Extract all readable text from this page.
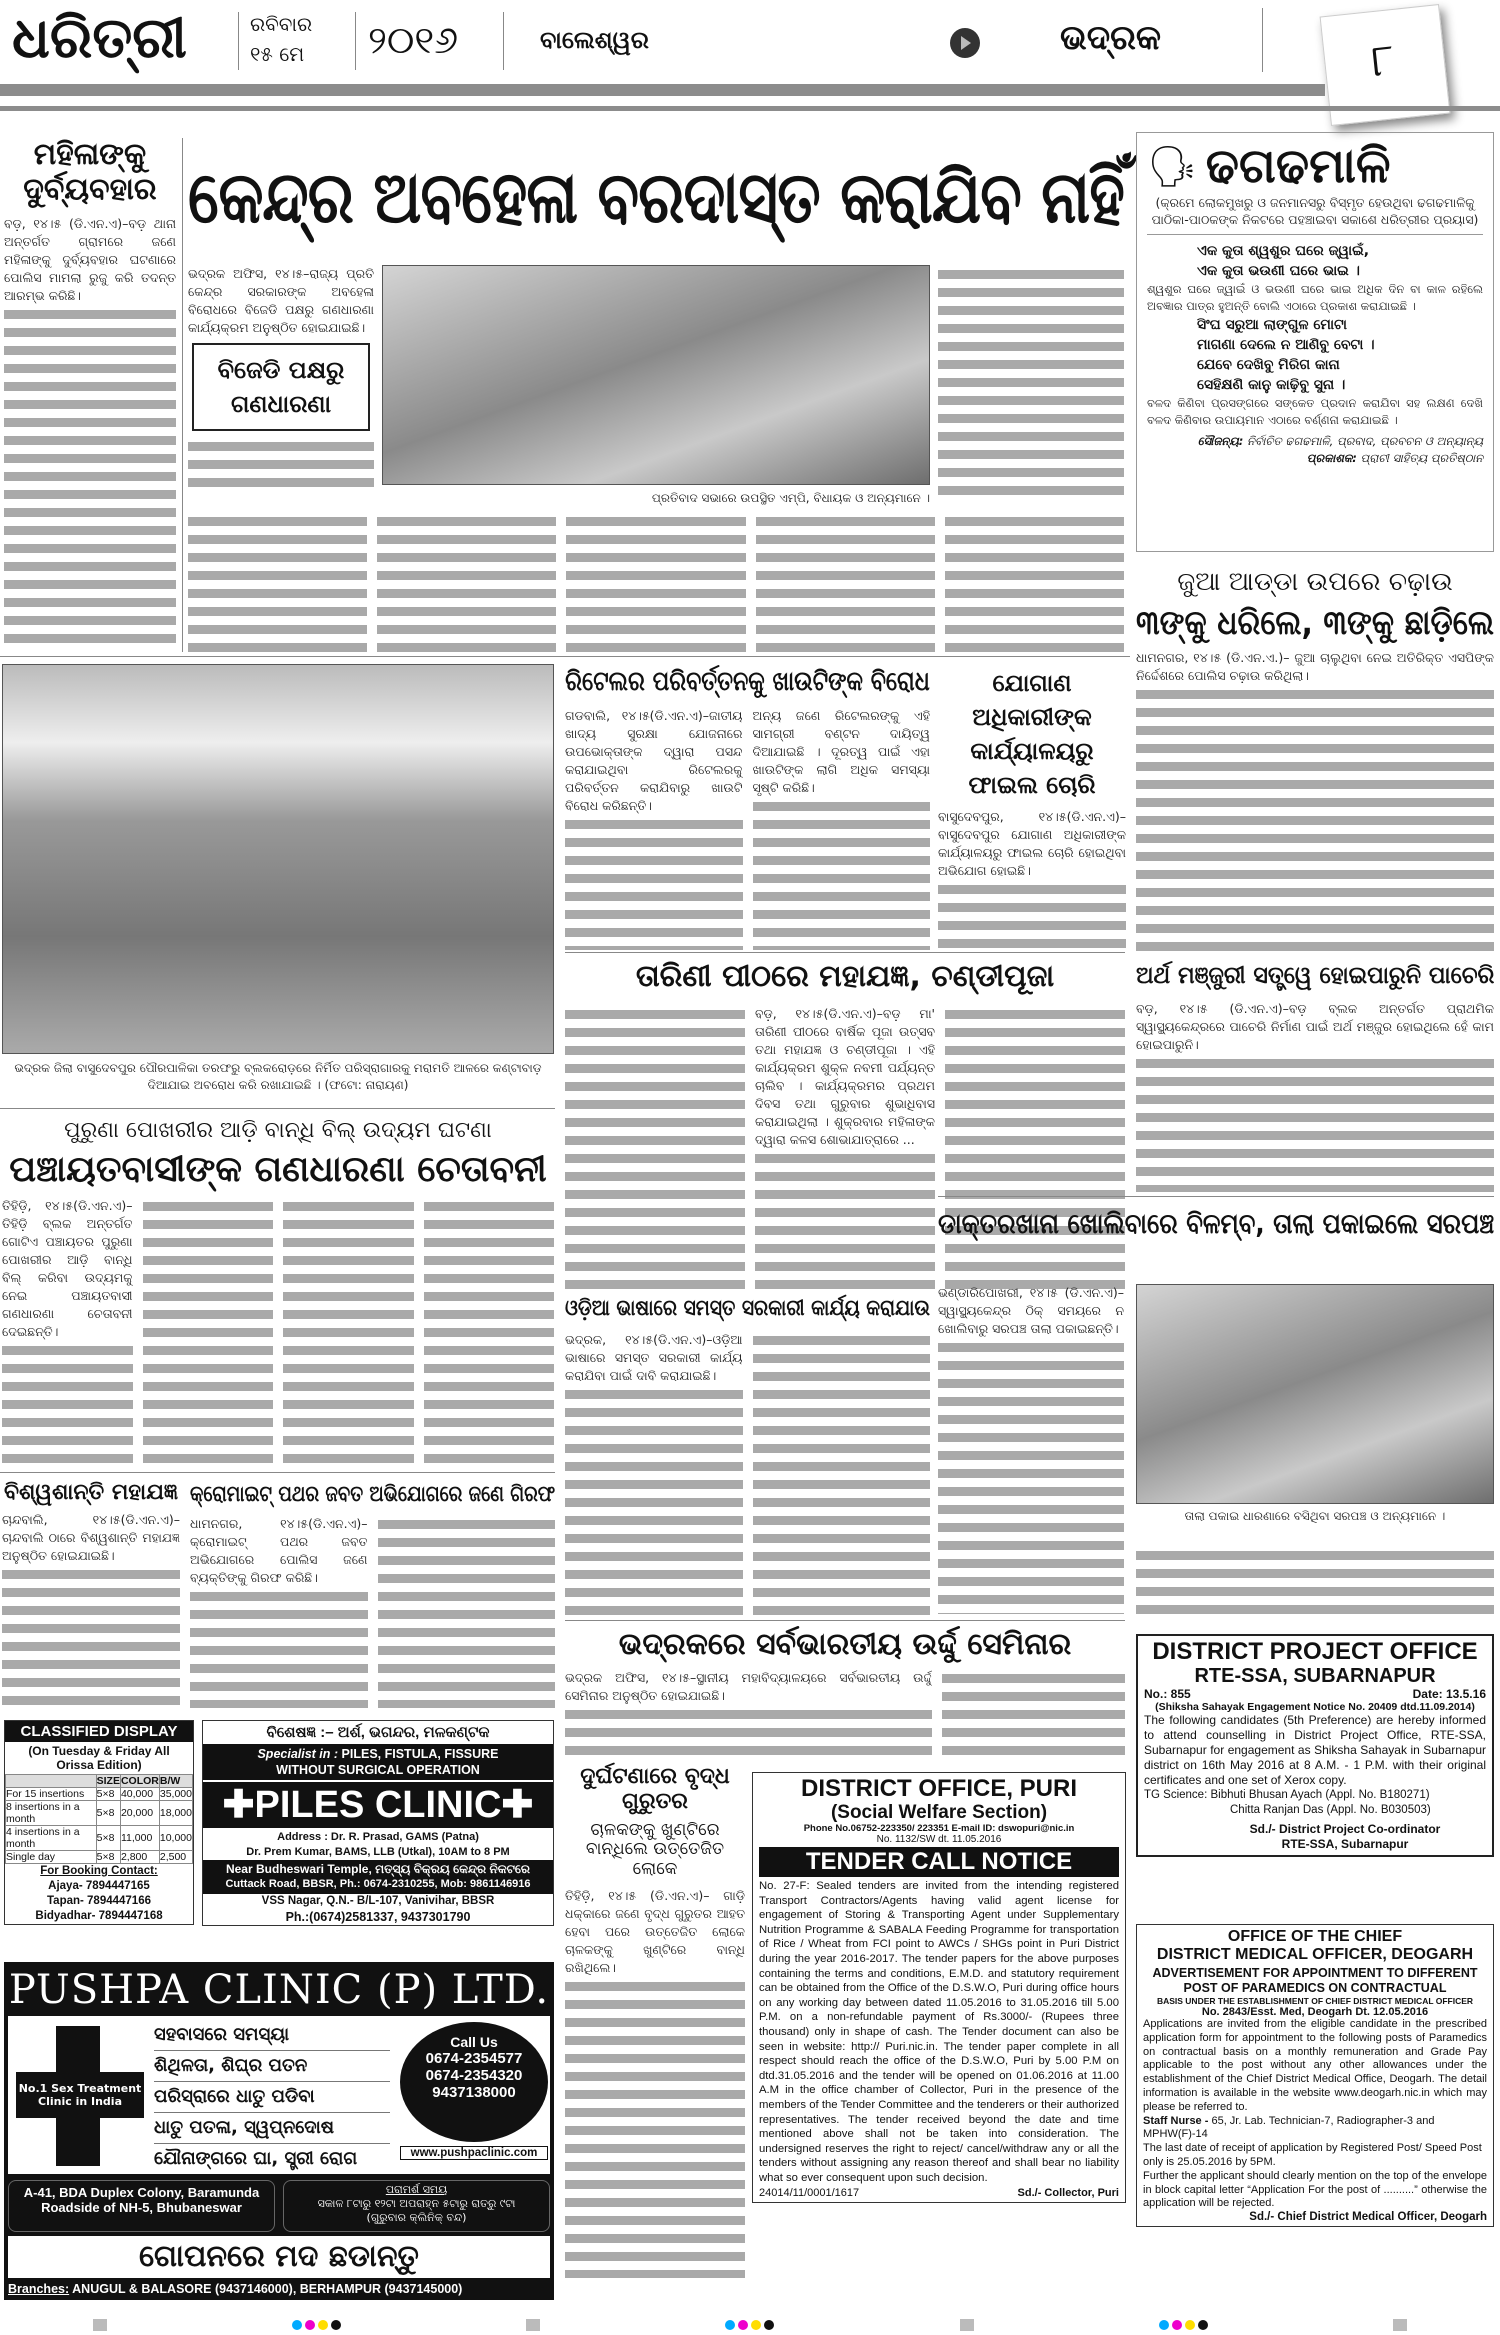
ଧରିତ୍ରୀ	ରବିବାର
୧୫ ମେ	୨୦୧୬	ବାଲେଶ୍ୱର	ଭଦ୍ରକ	୮
ମହିଳାଙ୍କୁ ଦୁର୍ବ୍ୟବହାର
ବଡ଼, ୧୪।୫ (ଡି.ଏନ.ଏ)–ବଡ଼ ଥାନା ଅନ୍ତର୍ଗତ ଗ୍ରାମରେ ଜଣେ ମହିଳାଙ୍କୁ ଦୁର୍ବ୍ୟବହାର ଘଟଣାରେ ପୋଲିସ ମାମଲା ରୁଜୁ କରି ତଦନ୍ତ ଆରମ୍ଭ କରିଛି।
କେନ୍ଦ୍ର ଅବହେଳା ବରଦାସ୍ତ କରାଯିବ ନାହିଁ
ଭଦ୍ରକ ଅଫିସ, ୧୪।୫–ରାଜ୍ୟ ପ୍ରତି କେନ୍ଦ୍ର ସରକାରଙ୍କ ଅବହେଳା ବିରୋଧରେ ବିଜେଡି ପକ୍ଷରୁ ଗଣଧାରଣା କାର୍ଯ୍ୟକ୍ରମ ଅନୁଷ୍ଠିତ ହୋଇଯାଇଛି।
ବିଜେଡି ପକ୍ଷରୁ ଗଣଧାରଣା
ପ୍ରତିବାଦ ସଭାରେ ଉପସ୍ଥିତ ଏମ୍‌ପି, ବିଧାୟକ ଓ ଅନ୍ୟମାନେ ।
🗣 ଢଗଢମାଳି
(କ୍ରମେ ଲୋକମୁଖରୁ ଓ ଜନମାନସରୁ ବିସ୍ମୃତ ହେଉଥିବା ଢଗଢମାଳିକୁ ପାଠିକା-ପାଠକଙ୍କ ନିକଟରେ ପହଞ୍ଚାଇବା ସକାଶେ ଧରିତ୍ରୀର ପ୍ରୟାସ)
ଏକ କୁତା ଶ୍ୱଶୁର ଘରେ ଜ୍ୱାଇଁ,
ଏକ କୁତା ଭଉଣୀ ଘରେ ଭାଇ ।
ଶ୍ୱଶୁର ଘରେ ଜ୍ୱାଇଁ ଓ ଭଉଣୀ ଘରେ ଭାଇ ଅଧିକ ଦିନ ବା କାଳ ରହିଲେ ଅବଜ୍ଞାର ପାତ୍ର ହୁଅନ୍ତି ବୋଲି ଏଠାରେ ପ୍ରକାଶ କରାଯାଇଛି ।
ସିଂଘ ସରୁଆ ଲାଙ୍ଗୁଳ ମୋଟା
ମାଗଣା ଦେଲେ ନ ଆଣିବୁ ବେଟା ।
ଯେବେ ଦେଖିବୁ ମିରିଗ କାନା
ସେହିକ୍ଷଣି କାନୁ କାଢ଼ିବୁ ସୁନା ।
ବଳଦ କିଣିବା ପ୍ରସଙ୍ଗରେ ସଙ୍କେତ ପ୍ରଦାନ କରାଯିବା ସହ ଲକ୍ଷଣ ଦେଖି ବଳଦ କିଣିବାର ଉପାୟମାନ ଏଠାରେ ବର୍ଣ୍ଣନା କରାଯାଇଛି ।
ସୌଜନ୍ୟ: ନିର୍ବାଚିତ ଢଗଢମାଳି, ପ୍ରବାଦ, ପ୍ରବଚନ ଓ ଅନ୍ୟାନ୍ୟ
ପ୍ରକାଶକ: ପ୍ରାଚୀ ସାହିତ୍ୟ ପ୍ରତିଷ୍ଠାନ
ଜୁଆ ଆଡ୍ଡା ଉପରେ ଚଢ଼ାଉ
୩ଙ୍କୁ ଧରିଲେ, ୩ଙ୍କୁ ଛାଡ଼ିଲେ
ଧାମନଗର, ୧୪।୫ (ଡି.ଏନ.ଏ.)– ଜୁଆ ଚାଲୁଥିବା ନେଇ ଅତିରିକ୍ତ ଏସପିଙ୍କ ନିର୍ଦ୍ଦେଶରେ ପୋଲିସ ଚଢ଼ାଉ କରିଥିଲା।
ଭଦ୍ରକ ଜିଲା ବାସୁଦେବପୁର ପୌରପାଳିକା ତରଫରୁ ବ୍ଲକରୋଡ଼ରେ ନିର୍ମିତ ପରିସ୍ରାଗାରକୁ ମରାମତି ଆଳରେ କଣ୍ଟାବାଡ଼ ଦିଆଯାଇ ଅବରୋଧ କରି ରଖାଯାଇଛି । (ଫଟୋ: ନାରାୟଣ)
ରିଟେଲର ପରିବର୍ତ୍ତନକୁ ଖାଉଟିଙ୍କ ବିରୋଧ
ଗଡବାଲି, ୧୪।୫(ଡି.ଏନ.ଏ)–ଜାତୀୟ ଖାଦ୍ୟ ସୁରକ୍ଷା ଯୋଜନାରେ ଉପଭୋକ୍ତାଙ୍କ ଦ୍ୱାରା ପସନ୍ଦ କରାଯାଇଥିବା ରିଟେଲରକୁ ପରିବର୍ତ୍ତନ କରାଯିବାରୁ ଖାଉଟି ବିରୋଧ କରିଛନ୍ତି।
ଅନ୍ୟ ଜଣେ ରିଟେଲରଙ୍କୁ ଏହି ସାମଗ୍ରୀ ବଣ୍ଟନ ଦାୟିତ୍ୱ ଦିଆଯାଇଛି । ଦୂରତ୍ୱ ପାଇଁ ଏହା ଖାଉଟିଙ୍କ ଲାଗି ଅଧିକ ସମସ୍ୟା ସୃଷ୍ଟି କରିଛି।
ଯୋଗାଣ ଅଧିକାରୀଙ୍କ କାର୍ଯ୍ୟାଳୟରୁ ଫାଇଲ ଚୋରି
ବାସୁଦେବପୁର, ୧୪।୫(ଡି.ଏନ.ଏ)– ବାସୁଦେବପୁର ଯୋଗାଣ ଅଧିକାରୀଙ୍କ କାର୍ଯ୍ୟାଳୟରୁ ଫାଇଲ ଚୋରି ହୋଇଥିବା ଅଭିଯୋଗ ହୋଇଛି।
ତାରିଣୀ ପୀଠରେ ମହାଯଜ୍ଞ, ଚଣ୍ଡୀପୂଜା
ବଡ଼, ୧୪।୫(ଡି.ଏନ.ଏ)–ବଡ଼ ମା' ତାରିଣୀ ପୀଠରେ ବାର୍ଷିକ ପୂଜା ଉତ୍ସବ ତଥା ମହାଯଜ୍ଞ ଓ ଚଣ୍ଡୀପୂଜା । ଏହି କାର୍ଯ୍ୟକ୍ରମ ଶୁକ୍ଳ ନବମୀ ପର୍ଯ୍ୟନ୍ତ ଚାଲିବ । କାର୍ଯ୍ୟକ୍ରମର ପ୍ରଥମ ଦିବସ ତଥା ଗୁରୁବାର ଶୁଭାଧିବାସ କରାଯାଇଥିଲା । ଶୁକ୍ରବାର ମହିଳାଙ୍କ ଦ୍ୱାରା କଳସ ଶୋଭାଯାତ୍ରାରେ ...
ଅର୍ଥ ମଞ୍ଜୁରୀ ସତ୍ତ୍ୱେ ହୋଇପାରୁନି ପାଚେରି
ବଡ଼, ୧୪।୫ (ଡି.ଏନ.ଏ)–ବଡ଼ ବ୍ଲକ ଅନ୍ତର୍ଗତ ପ୍ରାଥମିକ ସ୍ୱାସ୍ଥ୍ୟକେନ୍ଦ୍ରରେ ପାଚେରି ନିର୍ମାଣ ପାଇଁ ଅର୍ଥ ମଞ୍ଜୁର ହୋଇଥିଲେ ହେଁ କାମ ହୋଇପାରୁନି।
ପୁରୁଣା ପୋଖରୀର ଆଡ଼ି ବାନ୍ଧି ବିଲ୍ ଉଦ୍ୟମ ଘଟଣା
ପଞ୍ଚାୟତବାସୀଙ୍କ ଗଣଧାରଣା ଚେତାବନୀ
ତିହିଡ଼ି, ୧୪।୫(ଡି.ଏନ.ଏ)– ତିହିଡ଼ି ବ୍ଲକ ଅନ୍ତର୍ଗତ ଗୋଟିଏ ପଞ୍ଚାୟତର ପୁରୁଣା ପୋଖରୀର ଆଡ଼ି ବାନ୍ଧି ବିଲ୍ କରିବା ଉଦ୍ୟମକୁ ନେଇ ପଞ୍ଚାୟତବାସୀ ଗଣଧାରଣା ଚେତାବନୀ ଦେଇଛନ୍ତି।
ଡାକ୍ତରଖାନା ଖୋଲିବାରେ ବିଳମ୍ବ, ତାଲା ପକାଇଲେ ସରପଞ୍ଚ
ଭଣ୍ଡାରିପୋଖରୀ, ୧୪।୫ (ଡି.ଏନ.ଏ)– ସ୍ୱାସ୍ଥ୍ୟକେନ୍ଦ୍ର ଠିକ୍ ସମୟରେ ନ ଖୋଲିବାରୁ ସରପଞ୍ଚ ତାଲା ପକାଇଛନ୍ତି।
ତାଲା ପକାଇ ଧାରଣାରେ ବସିଥିବା ସରପଞ୍ଚ ଓ ଅନ୍ୟମାନେ ।
ଓଡ଼ିଆ ଭାଷାରେ ସମସ୍ତ ସରକାରୀ କାର୍ଯ୍ୟ କରାଯାଉ
ଭଦ୍ରକ, ୧୪।୫(ଡି.ଏନ.ଏ)–ଓଡ଼ିଆ ଭାଷାରେ ସମସ୍ତ ସରକାରୀ କାର୍ଯ୍ୟ କରାଯିବା ପାଇଁ ଦାବି କରାଯାଇଛି।
ବିଶ୍ୱଶାନ୍ତି ମହାଯଜ୍ଞ
ଚାନ୍ଦବାଲି, ୧୪।୫(ଡି.ଏନ.ଏ)–ଚାନ୍ଦବାଲି ଠାରେ ବିଶ୍ୱଶାନ୍ତି ମହାଯଜ୍ଞ ଅନୁଷ୍ଠିତ ହୋଇଯାଇଛି।
କ୍ରୋମାଇଟ୍ ପଥର ଜବତ ଅଭିଯୋଗରେ ଜଣେ ଗିରଫ
ଧାମନଗର, ୧୪।୫(ଡି.ଏନ.ଏ)– କ୍ରୋମାଇଟ୍ ପଥର ଜବତ ଅଭିଯୋଗରେ ପୋଲିସ ଜଣେ ବ୍ୟକ୍ତିଙ୍କୁ ଗିରଫ କରିଛି।
ଭଦ୍ରକରେ ସର୍ବଭାରତୀୟ ଉର୍ଦ୍ଦୁ ସେମିନାର
ଭଦ୍ରକ ଅଫିସ, ୧୪।୫–ସ୍ଥାନୀୟ ମହାବିଦ୍ୟାଳୟରେ ସର୍ବଭାରତୀୟ ଉର୍ଦ୍ଦୁ ସେମିନାର ଅନୁଷ୍ଠିତ ହୋଇଯାଇଛି।
ଦୁର୍ଘଟଣାରେ ବୃଦ୍ଧ ଗୁରୁତର
ଚାଳକଙ୍କୁ ଖୁଣ୍ଟିରେ ବାନ୍ଧିଲେ ଉତ୍ତେଜିତ ଲୋକେ
ତିହିଡ଼ି, ୧୪।୫ (ଡି.ଏନ.ଏ)– ଗାଡ଼ି ଧକ୍କାରେ ଜଣେ ବୃଦ୍ଧ ଗୁରୁତର ଆହତ ହେବା ପରେ ଉତ୍ତେଜିତ ଲୋକେ ଚାଳକଙ୍କୁ ଖୁଣ୍ଟିରେ ବାନ୍ଧି ରଖିଥିଲେ।
CLASSIFIED DISPLAY
(On Tuesday & Friday All Orissa Edition)
	SIZE	COLOR	B/W
For 15 insertions	5×8	40,000	35,000
8 insertions in a month	5×8	20,000	18,000
4 insertions in a month	5×8	11,000	10,000
Single day	5×8	2,800	2,500
For Booking Contact:
Ajaya- 7894447165
Tapan- 7894447166
Bidyadhar- 7894447168
ବିଶେଷଜ୍ଞ :– ଅର୍ଶ, ଭଗନ୍ଦର, ମଳକଣ୍ଟକ
Specialist in : PILES, FISTULA, FISSURE
WITHOUT SURGICAL OPERATION
✚PILES CLINIC✚
Address : Dr. R. Prasad, GAMS (Patna)
Dr. Prem Kumar, BAMS, LLB (Utkal), 10AM to 8 PM
Near Budheswari Temple, ମତ୍ସ୍ୟ ବିକ୍ରୟ କେନ୍ଦ୍ର ନିକଟରେ
Cuttack Road, BBSR, Ph.: 0674-2310255, Mob: 9861146916
VSS Nagar, Q.N.- B/L-107, Vanivihar, BBSR
Ph.:(0674)2581337, 9437301790
PUSHPA CLINIC (P) LTD.
No.1 Sex Treatment Clinic in India
ସହବାସରେ ସମସ୍ୟା
ଶିଥିଳତା, ଶିଘ୍ର ପତନ
ପରିସ୍ରାରେ ଧାତୁ ପଡିବା
ଧାତୁ ପତଳା, ସ୍ୱପ୍ନଦୋଷ
ଯୌନାଙ୍ଗରେ ଘା, ସ୍ତ୍ରୀ ରୋଗ
Call Us
0674-2354577
0674-2354320
9437138000
www.pushpaclinic.com
A-41, BDA Duplex Colony, Baramunda Roadside of NH-5, Bhubaneswar
ପରାମର୍ଶ ସମୟ
ସକାଳ ୮ଟାରୁ ୧୨ଟା ଅପରାହ୍ନ ୫ଟାରୁ ରାତ୍ରୁ ୯ଟା
(ଗୁରୁବାର କ୍ଲିନିକ୍ ବନ୍ଦ)
ଗୋପନରେ ମଦ ଛଡାନ୍ତୁ
Branches: ANUGUL & BALASORE (9437146000), BERHAMPUR (9437145000)
DISTRICT OFFICE, PURI
(Social Welfare Section)
Phone No.06752-223350/ 223351 E-mail ID: dswopuri@nic.in
No. 1132/SW dt. 11.05.2016
TENDER CALL NOTICE
No. 27-F: Sealed tenders are invited from the intending registered Transport Contractors/Agents having valid agent license for engagement of Storing & Transporting Agent under Supplementary Nutrition Programme & SABALA Feeding Programme for transportation of Rice / Wheat from FCI point to AWCs / SHGs point in Puri District during the year 2016-2017. The tender papers for the above purposes containing the terms and conditions, E.M.D. and statutory requirement can be obtained from the Office of the D.S.W.O, Puri during office hours on any working day between dated 11.05.2016 to 31.05.2016 till 5.00 P.M. on a non-refundable payment of Rs.3000/- (Rupees three thousand) only in shape of cash. The Tender document can also be seen in website: http:// Puri.nic.in. The tender paper complete in all respect should reach the office of the D.S.W.O, Puri by 5.00 P.M on dtd.31.05.2016 and the tender will be opened on 01.06.2016 at 11.00 A.M in the office chamber of Collector, Puri in the presence of the members of the Tender Committee and the tenderers or their authorized representatives. The tender received beyond the date and time mentioned above shall not be taken into consideration. The undersigned reserves the right to reject/ cancel/withdraw any or all the tenders without assigning any reason thereof and shall bear no liability what so ever consequent upon such decision.
24014/11/0001/1617	Sd./- Collector, Puri
DISTRICT PROJECT OFFICE
RTE-SSA, SUBARNAPUR
No.: 855	Date: 13.5.16
(Shiksha Sahayak Engagement Notice No. 20409 dtd.11.09.2014)
The following candidates (5th Preference) are hereby informed to attend counselling in District Project Office, RTE-SSA, Subarnapur for engagement as Shiksha Sahayak in Subarnapur district on 16th May 2016 at 8 A.M. - 1 P.M. with their original certificates and one set of Xerox copy.
TG Science: Bibhuti Bhusan Ayach (Appl. No. B180271)
Chitta Ranjan Das (Appl. No. B030503)
Sd./- District Project Co-ordinator
RTE-SSA, Subarnapur
OFFICE OF THE CHIEF
DISTRICT MEDICAL OFFICER, DEOGARH
ADVERTISEMENT FOR APPOINTMENT TO DIFFERENT POST OF PARAMEDICS ON CONTRACTUAL
BASIS UNDER THE ESTABLISHMENT OF CHIEF DISTRICT MEDICAL OFFICER
No. 2843/Esst. Med, Deogarh Dt. 12.05.2016
Applications are invited from the eligible candidate in the prescribed application form for appointment to the following posts of Paramedics on contractual basis on a monthly remuneration and Grade Pay applicable to the post without any other allowances under the establishment of the Chief District Medical Office, Deogarh. The detail information is available in the website www.deogarh.nic.in which may please be referred to.
Staff Nurse - 65, Jr. Lab. Technician-7, Radiographer-3 and MPHW(F)-14
The last date of receipt of application by Registered Post/ Speed Post only is 25.05.2016 by 5PM.
Further the applicant should clearly mention on the top of the envelope in block capital letter “Application For the post of ..........” otherwise the application will be rejected.
Sd./- Chief District Medical Officer, Deogarh
